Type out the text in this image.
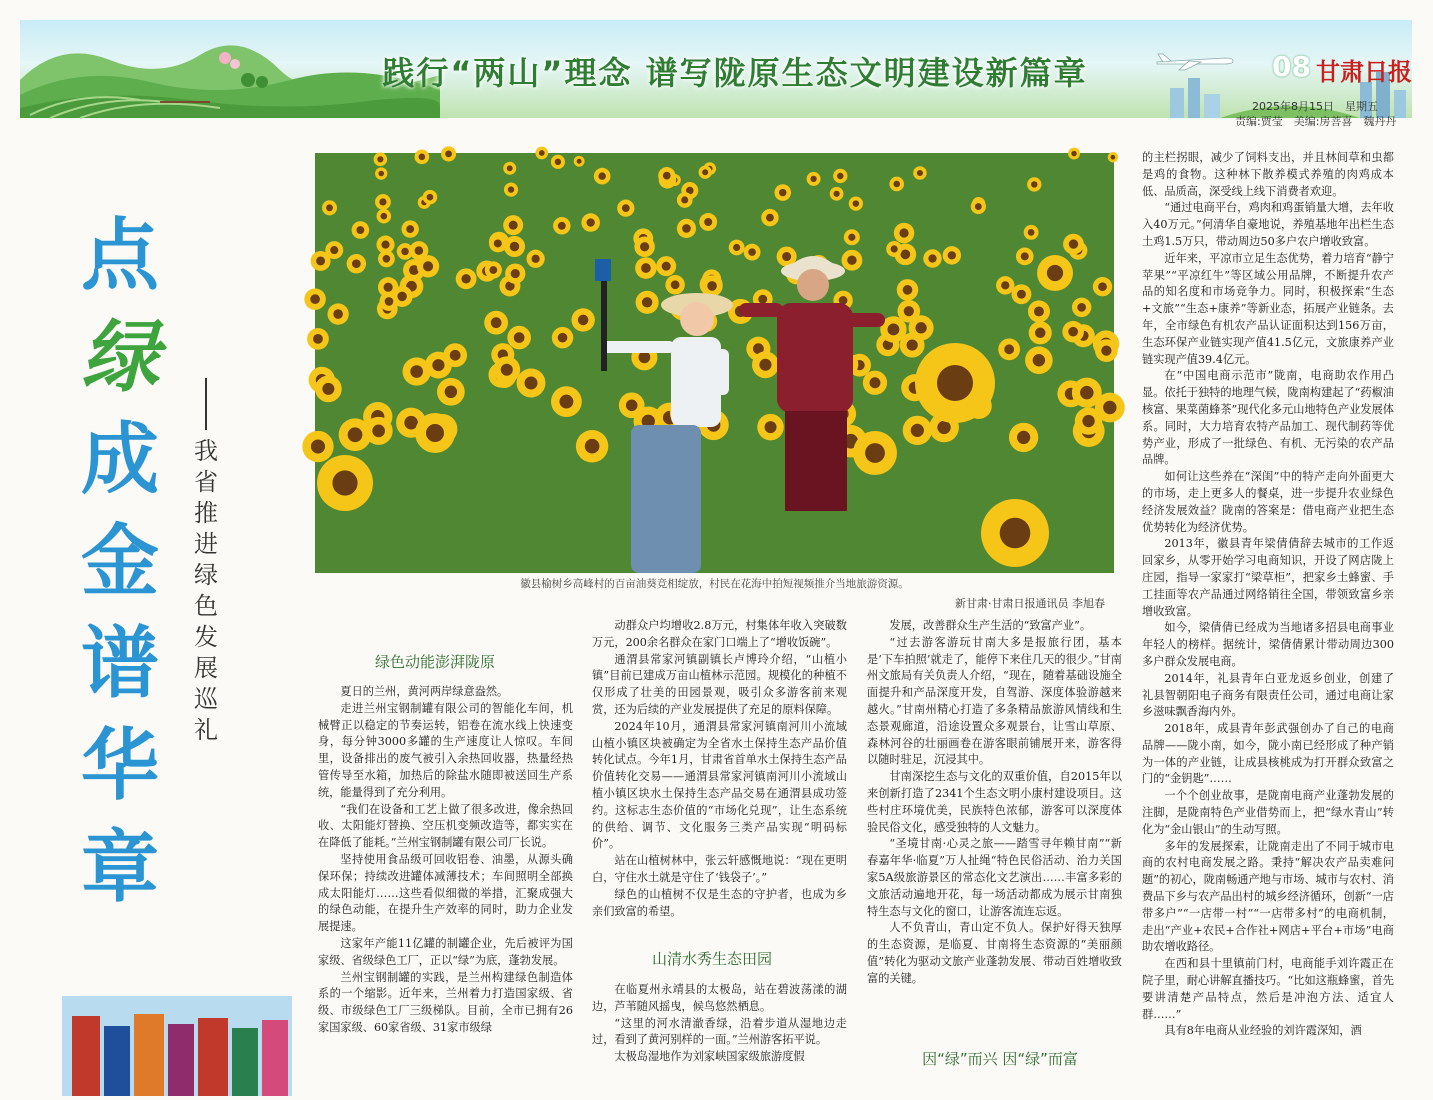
践行“两山”理念 谱写陇原生态文明建设新篇章	08 甘肃日报
2025年8月15日　星期五
责编:贾莹　美编:房菩喜　魏丹丹
点
绿
成
金
谱
华
章
我省推进绿色发展巡礼
徽县榆树乡高峰村的百亩油葵竞相绽放，村民在花海中拍短视频推介当地旅游资源。
新甘肃·甘肃日报通讯员 李旭春
绿色动能澎湃陇原
山清水秀生态田园
因“绿”而兴 因“绿”而富

夏日的兰州，黄河两岸绿意盎然。

走进兰州宝钢制罐有限公司的智能化车间，机械臂正以稳定的节奏运转，铝卷在流水线上快速变身，每分钟3000多罐的生产速度让人惊叹。车间里，设备排出的废气被引入余热回收器，热量经热管传导至水箱，加热后的除盐水随即被送回生产系统，能量得到了充分利用。

“我们在设备和工艺上做了很多改进，像余热回收、太阳能灯替换、空压机变频改造等，都实实在在降低了能耗。”兰州宝钢制罐有限公司厂长说。

坚持使用食品级可回收铝卷、油墨，从源头确保环保；持续改进罐体减薄技术；车间照明全部换成太阳能灯……这些看似细微的举措，汇聚成强大的绿色动能，在提升生产效率的同时，助力企业发展提速。

这家年产能11亿罐的制罐企业，先后被评为国家级、省级绿色工厂，正以“绿”为底，蓬勃发展。

兰州宝钢制罐的实践，是兰州构建绿色制造体系的一个缩影。近年来，兰州着力打造国家级、省级、市级绿色工厂三级梯队。目前，全市已拥有26家国家级、60家省级、31家市级绿

动群众户均增收2.8万元，村集体年收入突破数万元，200余名群众在家门口端上了“增收饭碗”。

通渭县常家河镇副镇长卢博玲介绍，“山植小镇”目前已建成万亩山植林示范园。规模化的种植不仅形成了壮美的田园景观，吸引众多游客前来观赏，还为后续的产业发展提供了充足的原料保障。

2024年10月，通渭县常家河镇南河川小流域山植小镇区块被确定为全省水土保持生态产品价值转化试点。今年1月，甘肃省首单水土保持生态产品价值转化交易——通渭县常家河镇南河川小流域山植小镇区块水土保持生态产品交易在通渭县成功签约。这标志生态价值的“市场化兑现”，让生态系统的供给、调节、文化服务三类产品实现“明码标价”。

站在山植树林中，张云轩感慨地说：“现在更明白，守住水土就是守住了‘钱袋子’。”

绿色的山植树不仅是生态的守护者，也成为乡亲们致富的希望。

在临夏州永靖县的太极岛，站在碧波荡漾的湖边，芦苇随风摇曳，候鸟悠然栖息。

“这里的河水清澈香绿，沿着步道从湿地边走过，看到了黄河别样的一面。”兰州游客拓平说。

太极岛湿地作为刘家峡国家级旅游度假

发展，改善群众生产生活的“致富产业”。

“过去游客游玩甘南大多是报旅行团，基本是‘下车拍照’就走了，能停下来住几天的很少。”甘南州文旅局有关负责人介绍，“现在，随着基础设施全面提升和产品深度开发，自驾游、深度体验游越来越火。”甘南州精心打造了多条精品旅游风情线和生态景观廊道，沿途设置众多观景台，让雪山草原、森林河谷的壮丽画卷在游客眼前铺展开来，游客得以随时驻足，沉浸其中。

甘南深挖生态与文化的双重价值，自2015年以来创新打造了2341个生态文明小康村建设项目。这些村庄环境优美，民族特色浓郁，游客可以深度体验民俗文化，感受独特的人文魅力。

“圣境甘南·心灵之旅——踏雪寻年赖甘南”“新春嘉年华·临夏”万人扯绳“特色民俗活动、治力关国家5A级旅游景区的常态化文艺演出……丰富多彩的文旅活动遍地开花，每一场活动都成为展示甘南独特生态与文化的窗口，让游客流连忘返。

人不负青山，青山定不负人。保护好得天独厚的生态资源，是临夏、甘南将生态资源的“美丽颜值”转化为驱动文旅产业蓬勃发展、带动百姓增收致富的关键。

的主栏拐眼，减少了饲料支出，并且林间草和虫都是鸡的食物。这种林下散养模式养殖的肉鸡成本低、品质高，深受线上线下消费者欢迎。

“通过电商平台，鸡肉和鸡蛋销量大增，去年收入40万元。”何清华自豪地说，养殖基地年出栏生态土鸡1.5万只，带动周边50多户农户增收致富。

近年来，平凉市立足生态优势，着力培育“静宁苹果”“平凉红牛”等区域公用品牌，不断提升农产品的知名度和市场竞争力。同时，积极探索“生态+文旅”“生态+康养”等新业态，拓展产业链条。去年，全市绿色有机农产品认证面积达到156万亩，生态环保产业链实现产值41.5亿元，文旅康养产业链实现产值39.4亿元。

在“中国电商示范市”陇南，电商助农作用凸显。依托于独特的地理气候，陇南构建起了“药椒油核富、果菜菌蜂茶”现代化多元山地特色产业发展体系。同时，大力培育农特产品加工、现代制药等优势产业，形成了一批绿色、有机、无污染的农产品品牌。

如何让这些养在“深闺”中的特产走向外面更大的市场，走上更多人的餐桌，进一步提升农业绿色经济发展效益？陇南的答案是：借电商产业把生态优势转化为经济优势。

2013年，徽县青年梁倩倩辞去城市的工作返回家乡，从零开始学习电商知识，开设了网店陇上庄园，指导一家家打“梁草柜”，把家乡土蜂蜜、手工挂面等农产品通过网络销往全国，带领致富乡亲增收致富。

如今，梁倩倩已经成为当地诸多招县电商事业年轻人的榜样。据统计，梁倩倩累计带动周边300多户群众发展电商。

2014年，礼县青年白亚龙返乡创业，创建了礼县智朝阳电子商务有限责任公司，通过电商让家乡滋味飘香海内外。

2018年，成县青年彭武强创办了自己的电商品牌——陇小南，如今，陇小南已经形成了种产销为一体的产业链，让成县核桃成为打开群众致富之门的“金钥匙”……

一个个创业故事，是陇南电商产业蓬勃发展的注脚，是陇南特色产业借势而上，把“绿水青山”转化为“金山银山”的生动写照。

多年的发展探索，让陇南走出了不同于城市电商的农村电商发展之路。秉持“解决农产品卖难问题”的初心，陇南畅通产地与市场、城市与农村、消费品下乡与农产品出村的城乡经济循环，创新“一店带多户”“一店带一村”“一店带多村”的电商机制，走出“产业+农民+合作社+网店+平台+市场”电商助农增收路径。

在西和县十里镇前门村，电商能手刘许霞正在院子里，耐心讲解直播技巧。“比如这瓶蜂蜜，首先要讲清楚产品特点，然后是冲泡方法、适宜人群……”

具有8年电商从业经验的刘许霞深知，酒
